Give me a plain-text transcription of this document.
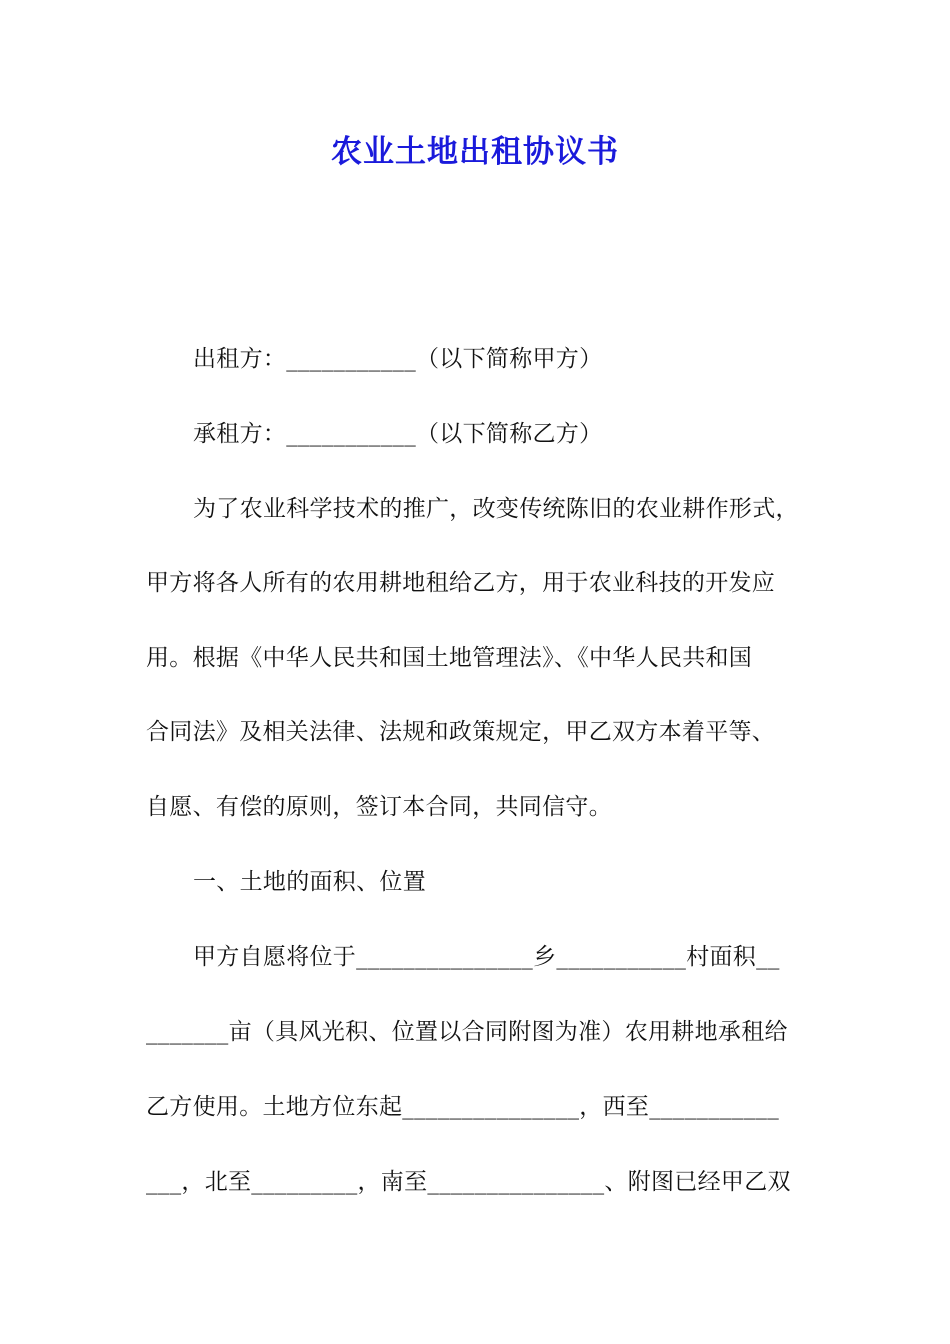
农业土地出租协议书
出租方：___________（以下简称甲方）
承租方：___________（以下简称乙方）
为了农业科学技术的推广，改变传统陈旧的农业耕作形式，
甲方将各人所有的农用耕地租给乙方，用于农业科技的开发应
用。根据《中华人民共和国土地管理法》、《中华人民共和国
合同法》及相关法律、法规和政策规定，甲乙双方本着平等、
自愿、有偿的原则，签订本合同，共同信守。
一、土地的面积、位置
甲方自愿将位于_______________乡___________村面积__
_______亩（具风光积、位置以合同附图为准）农用耕地承租给
乙方使用。土地方位东起_______________，西至___________
___，北至_________，南至_______________、附图已经甲乙双
